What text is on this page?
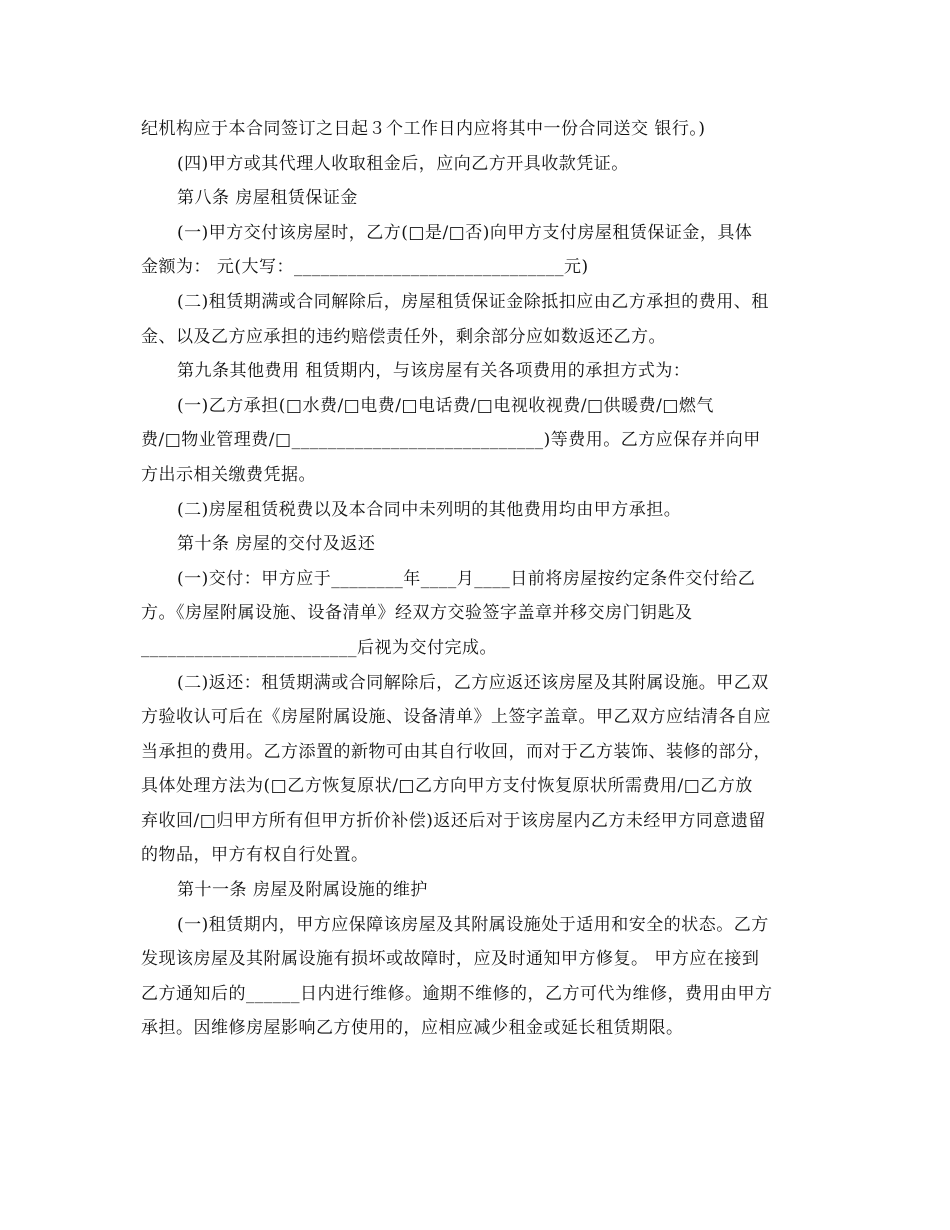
纪机构应于本合同签订之日起３个工作日内应将其中一份合同送交 银行。)
(四)甲方或其代理人收取租金后，应向乙方开具收款凭证。
第八条 房屋租赁保证金
(一)甲方交付该房屋时，乙方(□是/□否)向甲方支付房屋租赁保证金，具体
金额为： 元(大写：______________________________元)
(二)租赁期满或合同解除后，房屋租赁保证金除抵扣应由乙方承担的费用、租
金、以及乙方应承担的违约赔偿责任外，剩余部分应如数返还乙方。
第九条其他费用 租赁期内，与该房屋有关各项费用的承担方式为：
(一)乙方承担(□水费/□电费/□电话费/□电视收视费/□供暖费/□燃气
费/□物业管理费/□____________________________)等费用。乙方应保存并向甲
方出示相关缴费凭据。
(二)房屋租赁税费以及本合同中未列明的其他费用均由甲方承担。
第十条 房屋的交付及返还
(一)交付：甲方应于________年____月____日前将房屋按约定条件交付给乙
方。《房屋附属设施、设备清单》经双方交验签字盖章并移交房门钥匙及
________________________后视为交付完成。
(二)返还：租赁期满或合同解除后，乙方应返还该房屋及其附属设施。甲乙双
方验收认可后在《房屋附属设施、设备清单》上签字盖章。甲乙双方应结清各自应
当承担的费用。乙方添置的新物可由其自行收回，而对于乙方装饰、装修的部分，
具体处理方法为(□乙方恢复原状/□乙方向甲方支付恢复原状所需费用/□乙方放
弃收回/□归甲方所有但甲方折价补偿)返还后对于该房屋内乙方未经甲方同意遗留
的物品，甲方有权自行处置。
第十一条 房屋及附属设施的维护
(一)租赁期内，甲方应保障该房屋及其附属设施处于适用和安全的状态。乙方
发现该房屋及其附属设施有损坏或故障时，应及时通知甲方修复。 甲方应在接到
乙方通知后的______日内进行维修。逾期不维修的，乙方可代为维修，费用由甲方
承担。因维修房屋影响乙方使用的，应相应减少租金或延长租赁期限。
